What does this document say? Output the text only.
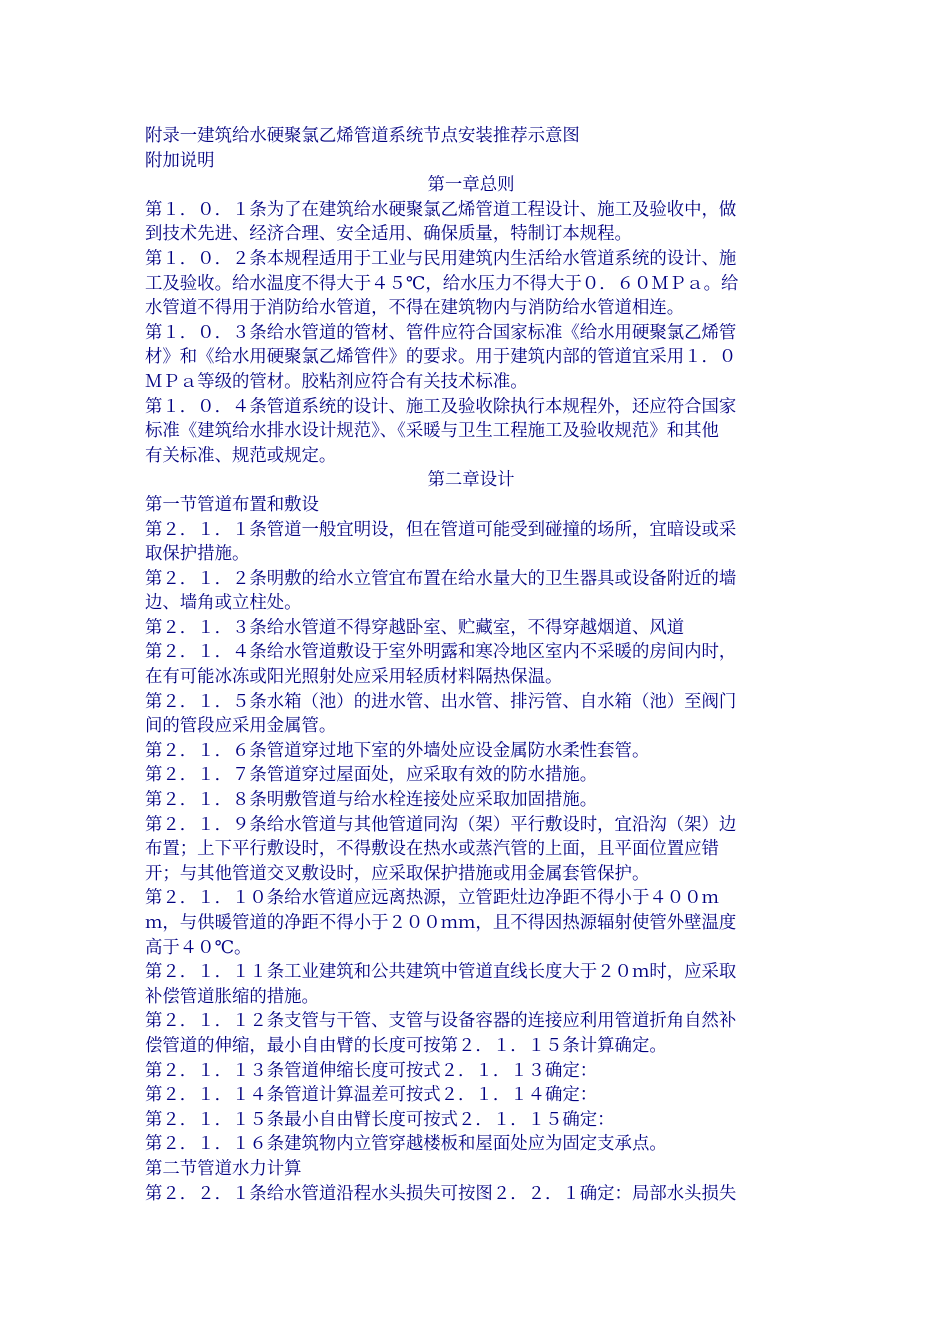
附录一建筑给水硬聚氯乙烯管道系统节点安装推荐示意图
附加说明
第一章总则
第１．０．１条为了在建筑给水硬聚氯乙烯管道工程设计、施工及验收中，做
到技术先进、经济合理、安全适用、确保质量，特制订本规程。
第１．０．２条本规程适用于工业与民用建筑内生活给水管道系统的设计、施
工及验收。给水温度不得大于４５℃，给水压力不得大于０．６０ＭＰａ。给
水管道不得用于消防给水管道，不得在建筑物内与消防给水管道相连。
第１．０．３条给水管道的管材、管件应符合国家标准《给水用硬聚氯乙烯管
材》和《给水用硬聚氯乙烯管件》的要求。用于建筑内部的管道宜采用１．０
ＭＰａ等级的管材。胶粘剂应符合有关技术标准。
第１．０．４条管道系统的设计、施工及验收除执行本规程外，还应符合国家
标准《建筑给水排水设计规范》、《采暖与卫生工程施工及验收规范》和其他
有关标准、规范或规定。
第二章设计
第一节管道布置和敷设
第２．１．１条管道一般宜明设，但在管道可能受到碰撞的场所，宜暗设或采
取保护措施。
第２．１．２条明敷的给水立管宜布置在给水量大的卫生器具或设备附近的墙
边、墙角或立柱处。
第２．１．３条给水管道不得穿越卧室、贮藏室，不得穿越烟道、风道
第２．１．４条给水管道敷设于室外明露和寒冷地区室内不采暖的房间内时，
在有可能冰冻或阳光照射处应采用轻质材料隔热保温。
第２．１．５条水箱（池）的进水管、出水管、排污管、自水箱（池）至阀门
间的管段应采用金属管。
第２．１．６条管道穿过地下室的外墙处应设金属防水柔性套管。
第２．１．７条管道穿过屋面处，应采取有效的防水措施。
第２．１．８条明敷管道与给水栓连接处应采取加固措施。
第２．１．９条给水管道与其他管道同沟（架）平行敷设时，宜沿沟（架）边
布置；上下平行敷设时，不得敷设在热水或蒸汽管的上面，且平面位置应错
开；与其他管道交叉敷设时，应采取保护措施或用金属套管保护。
第２．１．１０条给水管道应远离热源，立管距灶边净距不得小于４００ｍ
ｍ，与供暖管道的净距不得小于２００ｍｍ，且不得因热源辐射使管外壁温度
高于４０℃。
第２．１．１１条工业建筑和公共建筑中管道直线长度大于２０ｍ时，应采取
补偿管道胀缩的措施。
第２．１．１２条支管与干管、支管与设备容器的连接应利用管道折角自然补
偿管道的伸缩，最小自由臂的长度可按第２．１．１５条计算确定。
第２．１．１３条管道伸缩长度可按式２．１．１３确定：
第２．１．１４条管道计算温差可按式２．１．１４确定：
第２．１．１５条最小自由臂长度可按式２．１．１５确定：
第２．１．１６条建筑物内立管穿越楼板和屋面处应为固定支承点。
第二节管道水力计算
第２．２．１条给水管道沿程水头损失可按图２．２．１确定：局部水头损失
